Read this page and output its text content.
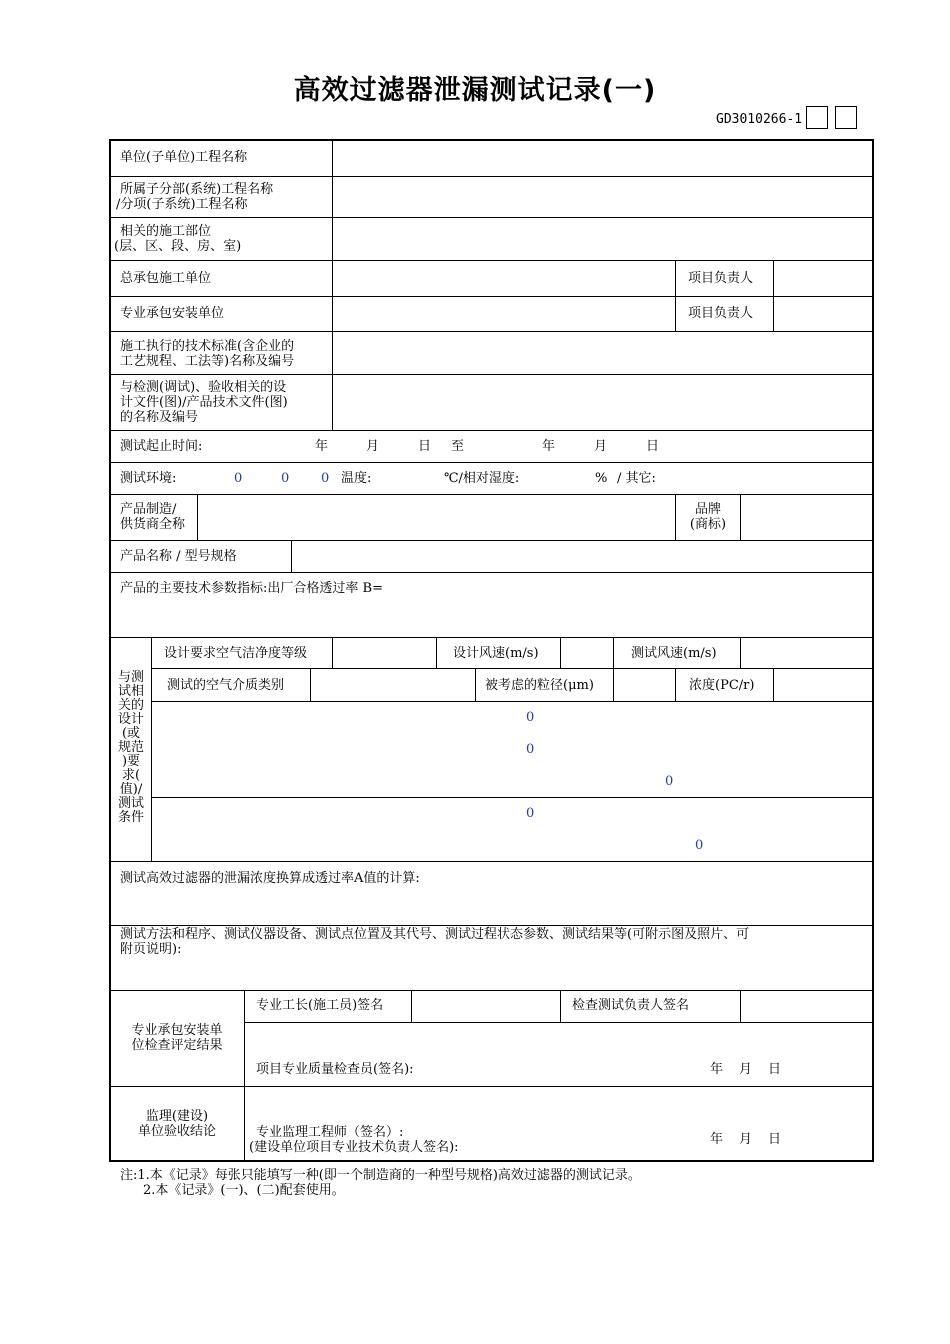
高效过滤器泄漏测试记录(一)
GD3010266-1
单位(子单位)工程名称
所属子分部(系统)工程名称
/分项(子系统)工程名称
相关的施工部位
(层、区、段、房、室)
总承包施工单位	项目负责人
专业承包安装单位	项目负责人
施工执行的技术标准(含企业的
工艺规程、工法等)名称及编号
与检测(调试)、验收相关的设
计文件(图)/产品技术文件(图)
的名称及编号
测试起止时间:	年	月	日 至	年	月	日
测试环境:	0	0 0 温度:	℃/相对湿度:	% / 其它:
产品制造/
供货商全称
品牌
(商标)
产品名称 / 型号规格
产品的主要技术参数指标:出厂合格透过率 B=
与测
试相
关的
设计
(或
规范
)要
求(
值)/
测试
条件
设计要求空气洁净度等级	设计风速(m/s)	测试风速(m/s)
测试的空气介质类别	被考虑的粒径(μm)	浓度(PC/r)
0
0
0
0
0
测试高效过滤器的泄漏浓度换算成透过率A值的计算:
测试方法和程序、测试仪器设备、测试点位置及其代号、测试过程状态参数、测试结果等(可附示图及照片、可
附页说明):
专业承包安装单
位检查评定结果
专业工长(施工员)签名	检查测试负责人签名
项目专业质量检查员(签名):	年 月 日
监理(建设)
单位验收结论	专业监理工程师（签名）:
(建设单位项目专业技术负责人签名):
年 月 日
注:1.本《记录》每张只能填写一种(即一个制造商的一种型号规格)高效过滤器的测试记录。
2.本《记录》(一)、(二)配套使用。
